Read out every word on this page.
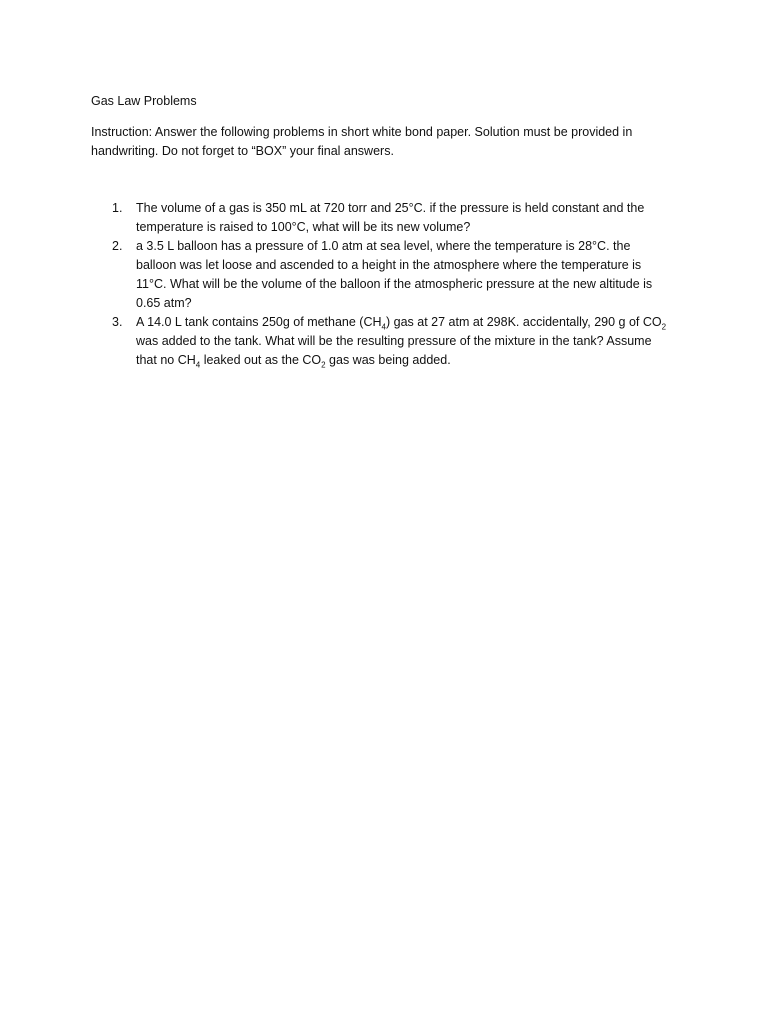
Gas Law Problems

Instruction: Answer the following problems in short white bond paper. Solution must be provided in handwriting. Do not forget to “BOX” your final answers.

1. The volume of a gas is 350 mL at 720 torr and 25°C. if the pressure is held constant and the temperature is raised to 100°C, what will be its new volume?
2. a 3.5 L balloon has a pressure of 1.0 atm at sea level, where the temperature is 28°C. the balloon was let loose and ascended to a height in the atmosphere where the temperature is 11°C. What will be the volume of the balloon if the atmospheric pressure at the new altitude is 0.65 atm?
3. A 14.0 L tank contains 250g of methane $(CH_4)$ gas at 27 atm at 298K. accidentally, 290 g of $CO_2$ was added to the tank. What will be the resulting pressure of the mixture in the tank? Assume that no $CH_4$ leaked out as the $CO_2$ gas was being added.
